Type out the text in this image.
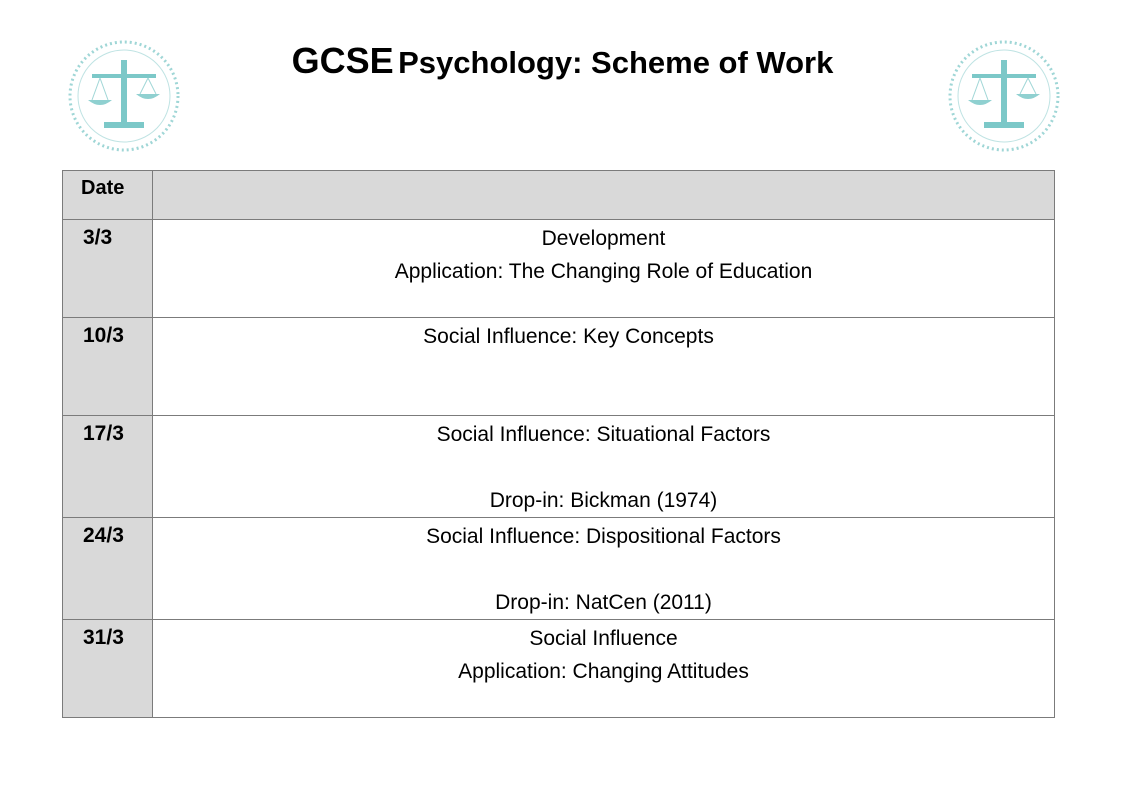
GCSE Psychology: Scheme of Work
Date	
3/3	Development
Application: The Changing Role of Education

10/3	Social Influence: Key Concepts

17/3	Social Influence: Situational Factors
Drop-in: Bickman (1974)

24/3	Social Influence: Dispositional Factors
Drop-in: NatCen (2011)

31/3	Social Influence
Application: Changing Attitudes
